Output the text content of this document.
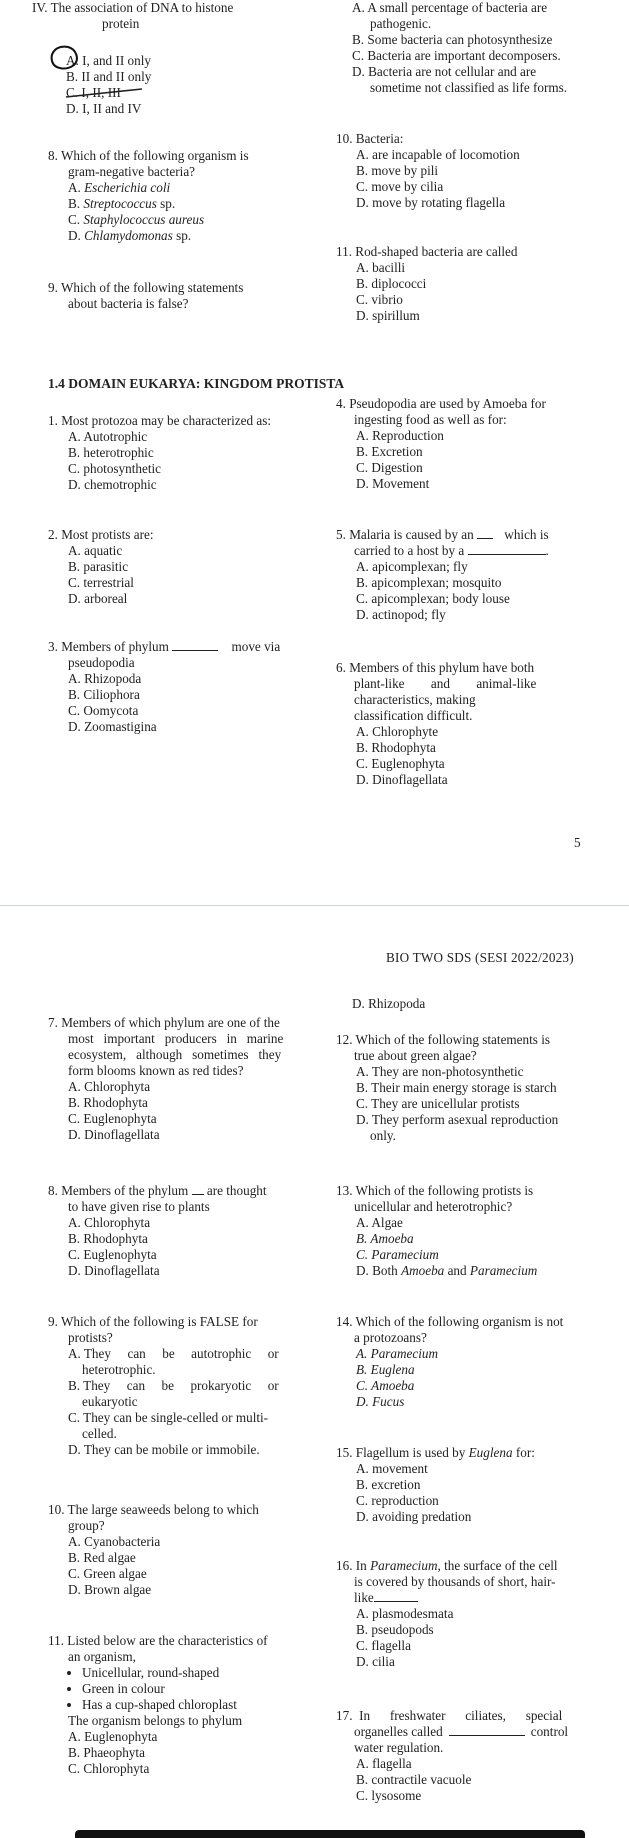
IV. The association of DNA to histone
protein
A. I, and II only
B. II and II only
C. I, II, III
D. I, II and IV
8. Which of the following organism is
gram-negative bacteria?
A. Escherichia coli
B. Streptococcus sp.
C. Staphylococcus aureus
D. Chlamydomonas sp.
9. Which of the following statements
about bacteria is false?
A. A small percentage of bacteria are
pathogenic.
B. Some bacteria can photosynthesize
C. Bacteria are important decomposers.
D. Bacteria are not cellular and are
sometime not classified as life forms.
10. Bacteria:
A. are incapable of locomotion
B. move by pili
C. move by cilia
D. move by rotating flagella
11. Rod-shaped bacteria are called
A. bacilli
B. diplococci
C. vibrio
D. spirillum
1.4 DOMAIN EUKARYA: KINGDOM PROTISTA
1. Most protozoa may be characterized as:
A. Autotrophic
B. heterotrophic
C. photosynthetic
D. chemotrophic
2. Most protists are:
A. aquatic
B. parasitic
C. terrestrial
D. arboreal
3. Members of phylum	move via
pseudopodia
A. Rhizopoda
B. Ciliophora
C. Oomycota
D. Zoomastigina
4. Pseudopodia are used by Amoeba for
ingesting food as well as for:
A. Reproduction
B. Excretion
C. Digestion
D. Movement
5. Malaria is caused by an which is
carried to a host by a	.
A. apicomplexan; fly
B. apicomplexan; mosquito
C. apicomplexan; body louse
D. actinopod; fly
6. Members of this phylum have both
plant-like        and        animal-like
characteristics, making
classification difficult.
A. Chlorophyte
B. Rhodophyta
C. Euglenophyta
D. Dinoflagellata
5
BIO TWO SDS (SESI 2022/2023)
D. Rhizopoda
12. Which of the following statements is
true about green algae?
A. They are non-photosynthetic
B. Their main energy storage is starch
C. They are unicellular protists
D. They perform asexual reproduction
only.
13. Which of the following protists is
unicellular and heterotrophic?
A. Algae
B. Amoeba
C. Paramecium
D. Both Amoeba and Paramecium
14. Which of the following organism is not
a protozoans?
A. Paramecium
B. Euglena
C. Amoeba
D. Fucus
15. Flagellum is used by Euglena for:
A. movement
B. excretion
C. reproduction
D. avoiding predation
16. In Paramecium, the surface of the cell
is covered by thousands of short, hair-
like
A. plasmodesmata
B. pseudopods
C. flagella
D. cilia
17.  In      freshwater      ciliates,      special
organelles called	control
water regulation.
A. flagella
B. contractile vacuole
C. lysosome
7. Members of which phylum are one of the
most   important   producers   in   marine
ecosystem,   although   sometimes   they
form blooms known as red tides?
A. Chlorophyta
B. Rhodophyta
C. Euglenophyta
D. Dinoflagellata
8. Members of the phylum are thought
to have given rise to plants
A. Chlorophyta
B. Rhodophyta
C. Euglenophyta
D. Dinoflagellata
9. Which of the following is FALSE for
protists?
A. They     can     be     autotrophic     or
heterotrophic.
B. They     can     be     prokaryotic     or
eukaryotic
C. They can be single-celled or multi-
celled.
D. They can be mobile or immobile.
10. The large seaweeds belong to which
group?
A. Cyanobacteria
B. Red algae
C. Green algae
D. Brown algae
11. Listed below are the characteristics of
an organism,
• Unicellular, round-shaped
• Green in colour
• Has a cup-shaped chloroplast
The organism belongs to phylum
A. Euglenophyta
B. Phaeophyta
C. Chlorophyta
